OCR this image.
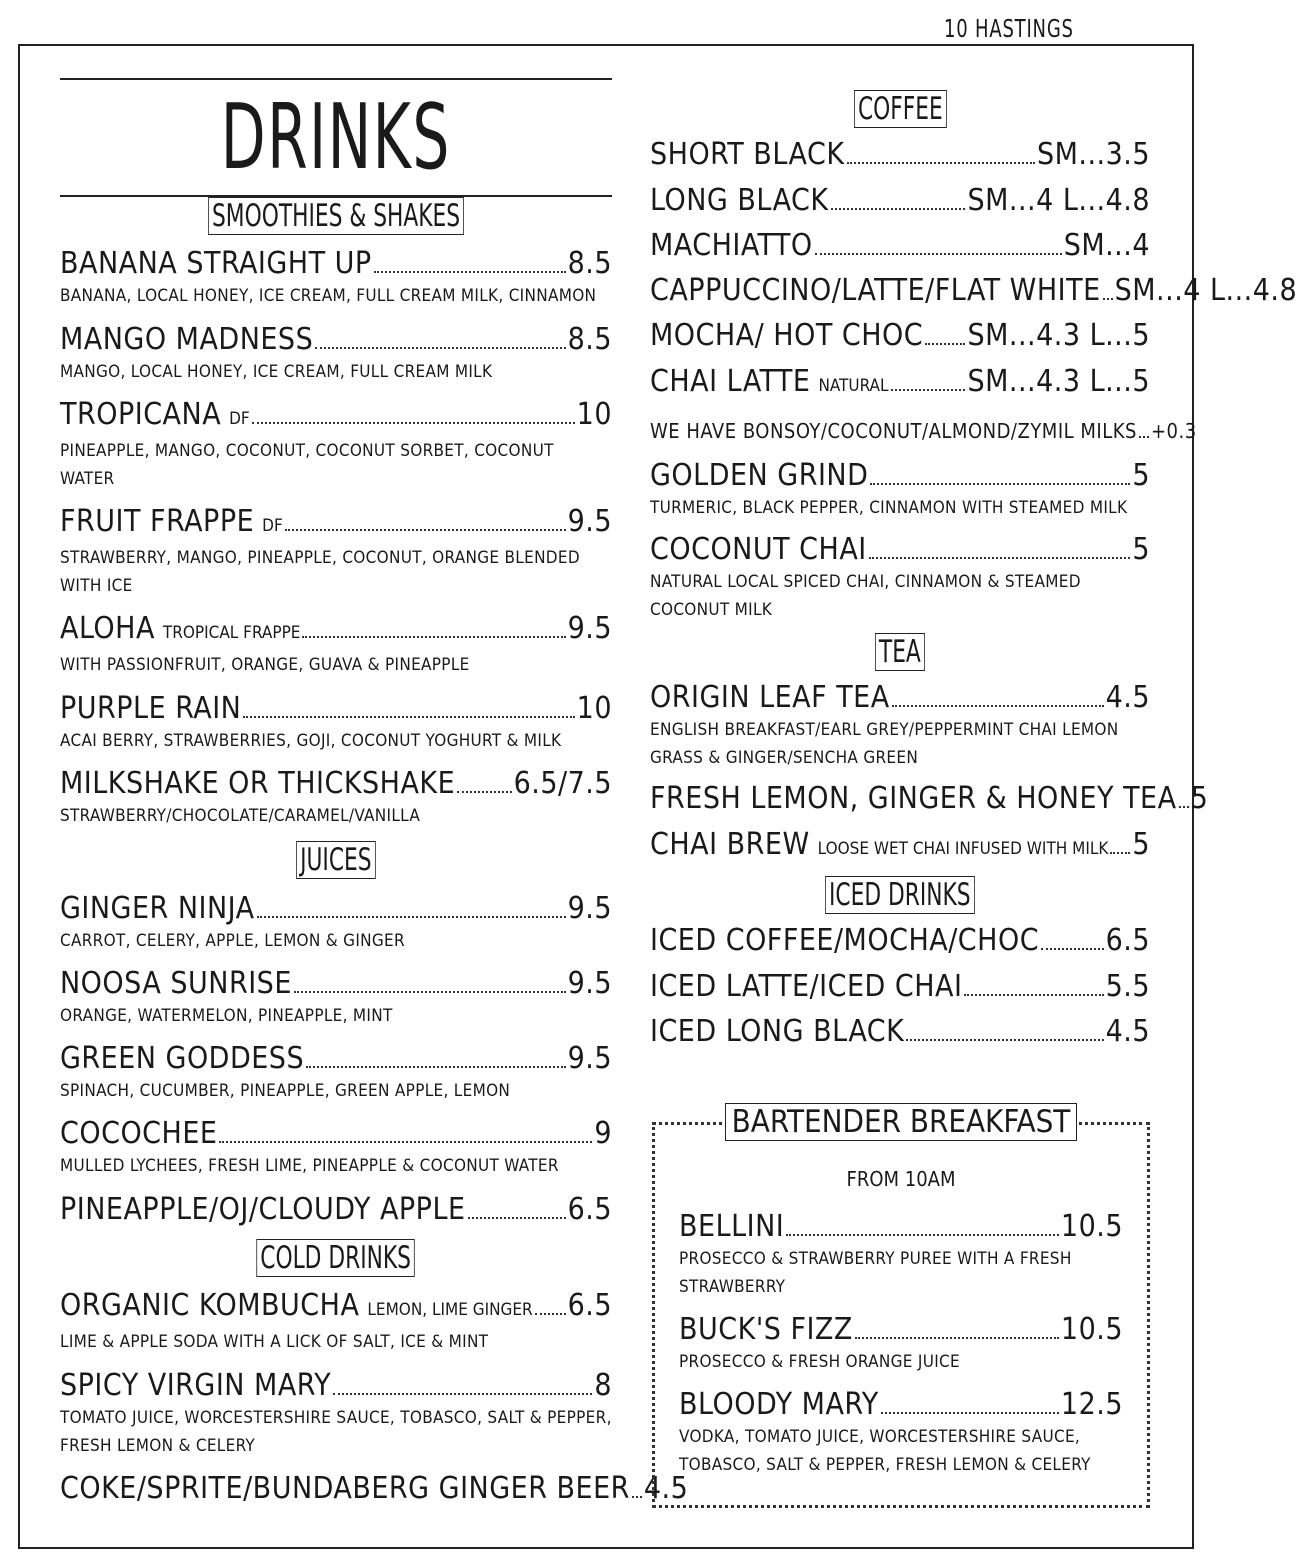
10 HASTINGS
DRINKS
SMOOTHIES & SHAKES
BANANA STRAIGHT UP	8.5
BANANA, LOCAL HONEY, ICE CREAM, FULL CREAM MILK, CINNAMON
MANGO MADNESS	8.5
MANGO, LOCAL HONEY, ICE CREAM, FULL CREAM MILK
TROPICANA DF	10
PINEAPPLE, MANGO, COCONUT, COCONUT SORBET, COCONUT WATER
FRUIT FRAPPE DF	9.5
STRAWBERRY, MANGO, PINEAPPLE, COCONUT, ORANGE BLENDED WITH ICE
ALOHA TROPICAL FRAPPE	9.5
WITH PASSIONFRUIT, ORANGE, GUAVA & PINEAPPLE
PURPLE RAIN	10
ACAI BERRY, STRAWBERRIES, GOJI, COCONUT YOGHURT & MILK
MILKSHAKE OR THICKSHAKE 6.5/7.5
STRAWBERRY/CHOCOLATE/CARAMEL/VANILLA
JUICES
GINGER NINJA	9.5
CARROT, CELERY, APPLE, LEMON & GINGER
NOOSA SUNRISE	9.5
ORANGE, WATERMELON, PINEAPPLE, MINT
GREEN GODDESS	9.5
SPINACH, CUCUMBER, PINEAPPLE, GREEN APPLE, LEMON
COCOCHEE	9
MULLED LYCHEES, FRESH LIME, PINEAPPLE & COCONUT WATER
PINEAPPLE/OJ/CLOUDY APPLE	6.5
COLD DRINKS
ORGANIC KOMBUCHA LEMON, LIME GINGER 6.5
LIME & APPLE SODA WITH A LICK OF SALT, ICE & MINT
SPICY VIRGIN MARY	8
TOMATO JUICE, WORCESTERSHIRE SAUCE, TOBASCO, SALT & PEPPER, FRESH LEMON & CELERY
COKE/SPRITE/BUNDABERG GINGER BEER 4.5
COFFEE
SHORT BLACK	SM...3.5
LONG BLACK	SM...4 L...4.8
MACHIATTO	SM...4
CAPPUCCINO/LATTE/FLAT WHITE SM...4 L...4.8
MOCHA/ HOT CHOC SM...4.3 L...5
CHAI LATTE NATURAL	SM...4.3 L...5
WE HAVE BONSOY/COCONUT/ALMOND/ZYMIL MILKS +0.3
GOLDEN GRIND	5
TURMERIC, BLACK PEPPER, CINNAMON WITH STEAMED MILK
COCONUT CHAI	5
NATURAL LOCAL SPICED CHAI, CINNAMON & STEAMED COCONUT MILK
TEA
ORIGIN LEAF TEA	4.5
ENGLISH BREAKFAST/EARL GREY/PEPPERMINT CHAI LEMON GRASS & GINGER/SENCHA GREEN
FRESH LEMON, GINGER & HONEY TEA 5
CHAI BREW LOOSE WET CHAI INFUSED WITH MILK 5
ICED DRINKS
ICED COFFEE/MOCHA/CHOC 6.5
ICED LATTE/ICED CHAI	5.5
ICED LONG BLACK	4.5
BARTENDER BREAKFAST
FROM 10AM
BELLINI	10.5
PROSECCO & STRAWBERRY PUREE WITH A FRESH STRAWBERRY
BUCK'S FIZZ	10.5
PROSECCO & FRESH ORANGE JUICE
BLOODY MARY	12.5
VODKA, TOMATO JUICE, WORCESTERSHIRE SAUCE, TOBASCO, SALT & PEPPER, FRESH LEMON & CELERY
